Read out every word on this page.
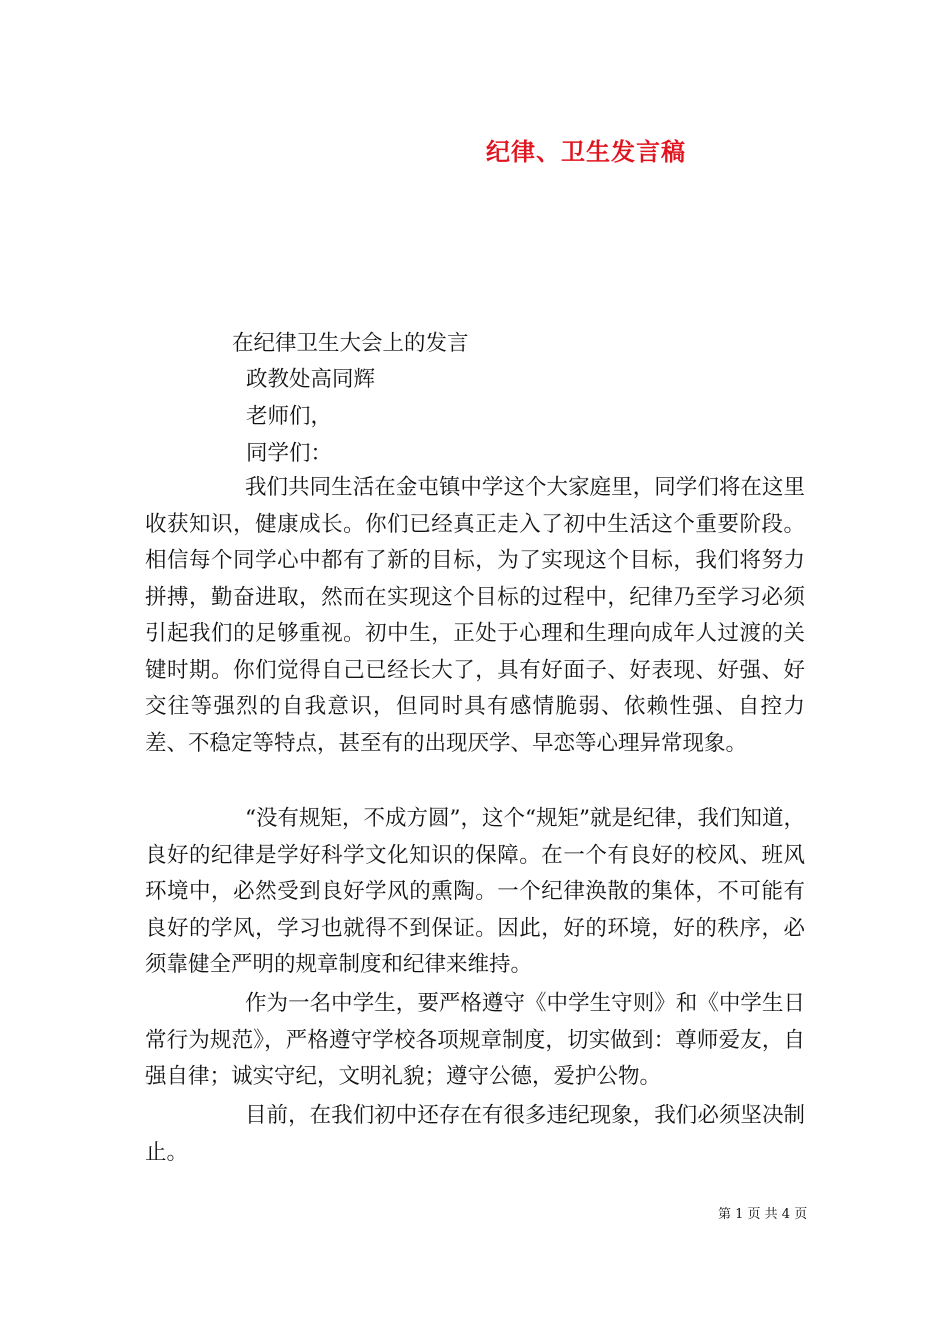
纪律、卫生发言稿
在纪律卫生大会上的发言
政教处高同辉
老师们，
同学们：

我们共同生活在金屯镇中学这个大家庭里，同学们将在这里收获知识，健康成长。你们已经真正走入了初中生活这个重要阶段。相信每个同学心中都有了新的目标，为了实现这个目标，我们将努力拼搏，勤奋进取，然而在实现这个目标的过程中，纪律乃至学习必须引起我们的足够重视。初中生，正处于心理和生理向成年人过渡的关键时期。你们觉得自己已经长大了，具有好面子、好表现、好强、好交往等强烈的自我意识，但同时具有感情脆弱、依赖性强、自控力差、不稳定等特点，甚至有的出现厌学、早恋等心理异常现象。

“没有规矩，不成方圆”，这个“规矩”就是纪律，我们知道，良好的纪律是学好科学文化知识的保障。在一个有良好的校风、班风环境中，必然受到良好学风的熏陶。一个纪律涣散的集体，不可能有良好的学风，学习也就得不到保证。因此，好的环境，好的秩序，必须靠健全严明的规章制度和纪律来维持。

作为一名中学生，要严格遵守《中学生守则》和《中学生日常行为规范》，严格遵守学校各项规章制度，切实做到：尊师爱友，自强自律；诚实守纪，文明礼貌；遵守公德，爱护公物。

目前，在我们初中还存在有很多违纪现象，我们必须坚决制止。

第 1 页 共 4 页
